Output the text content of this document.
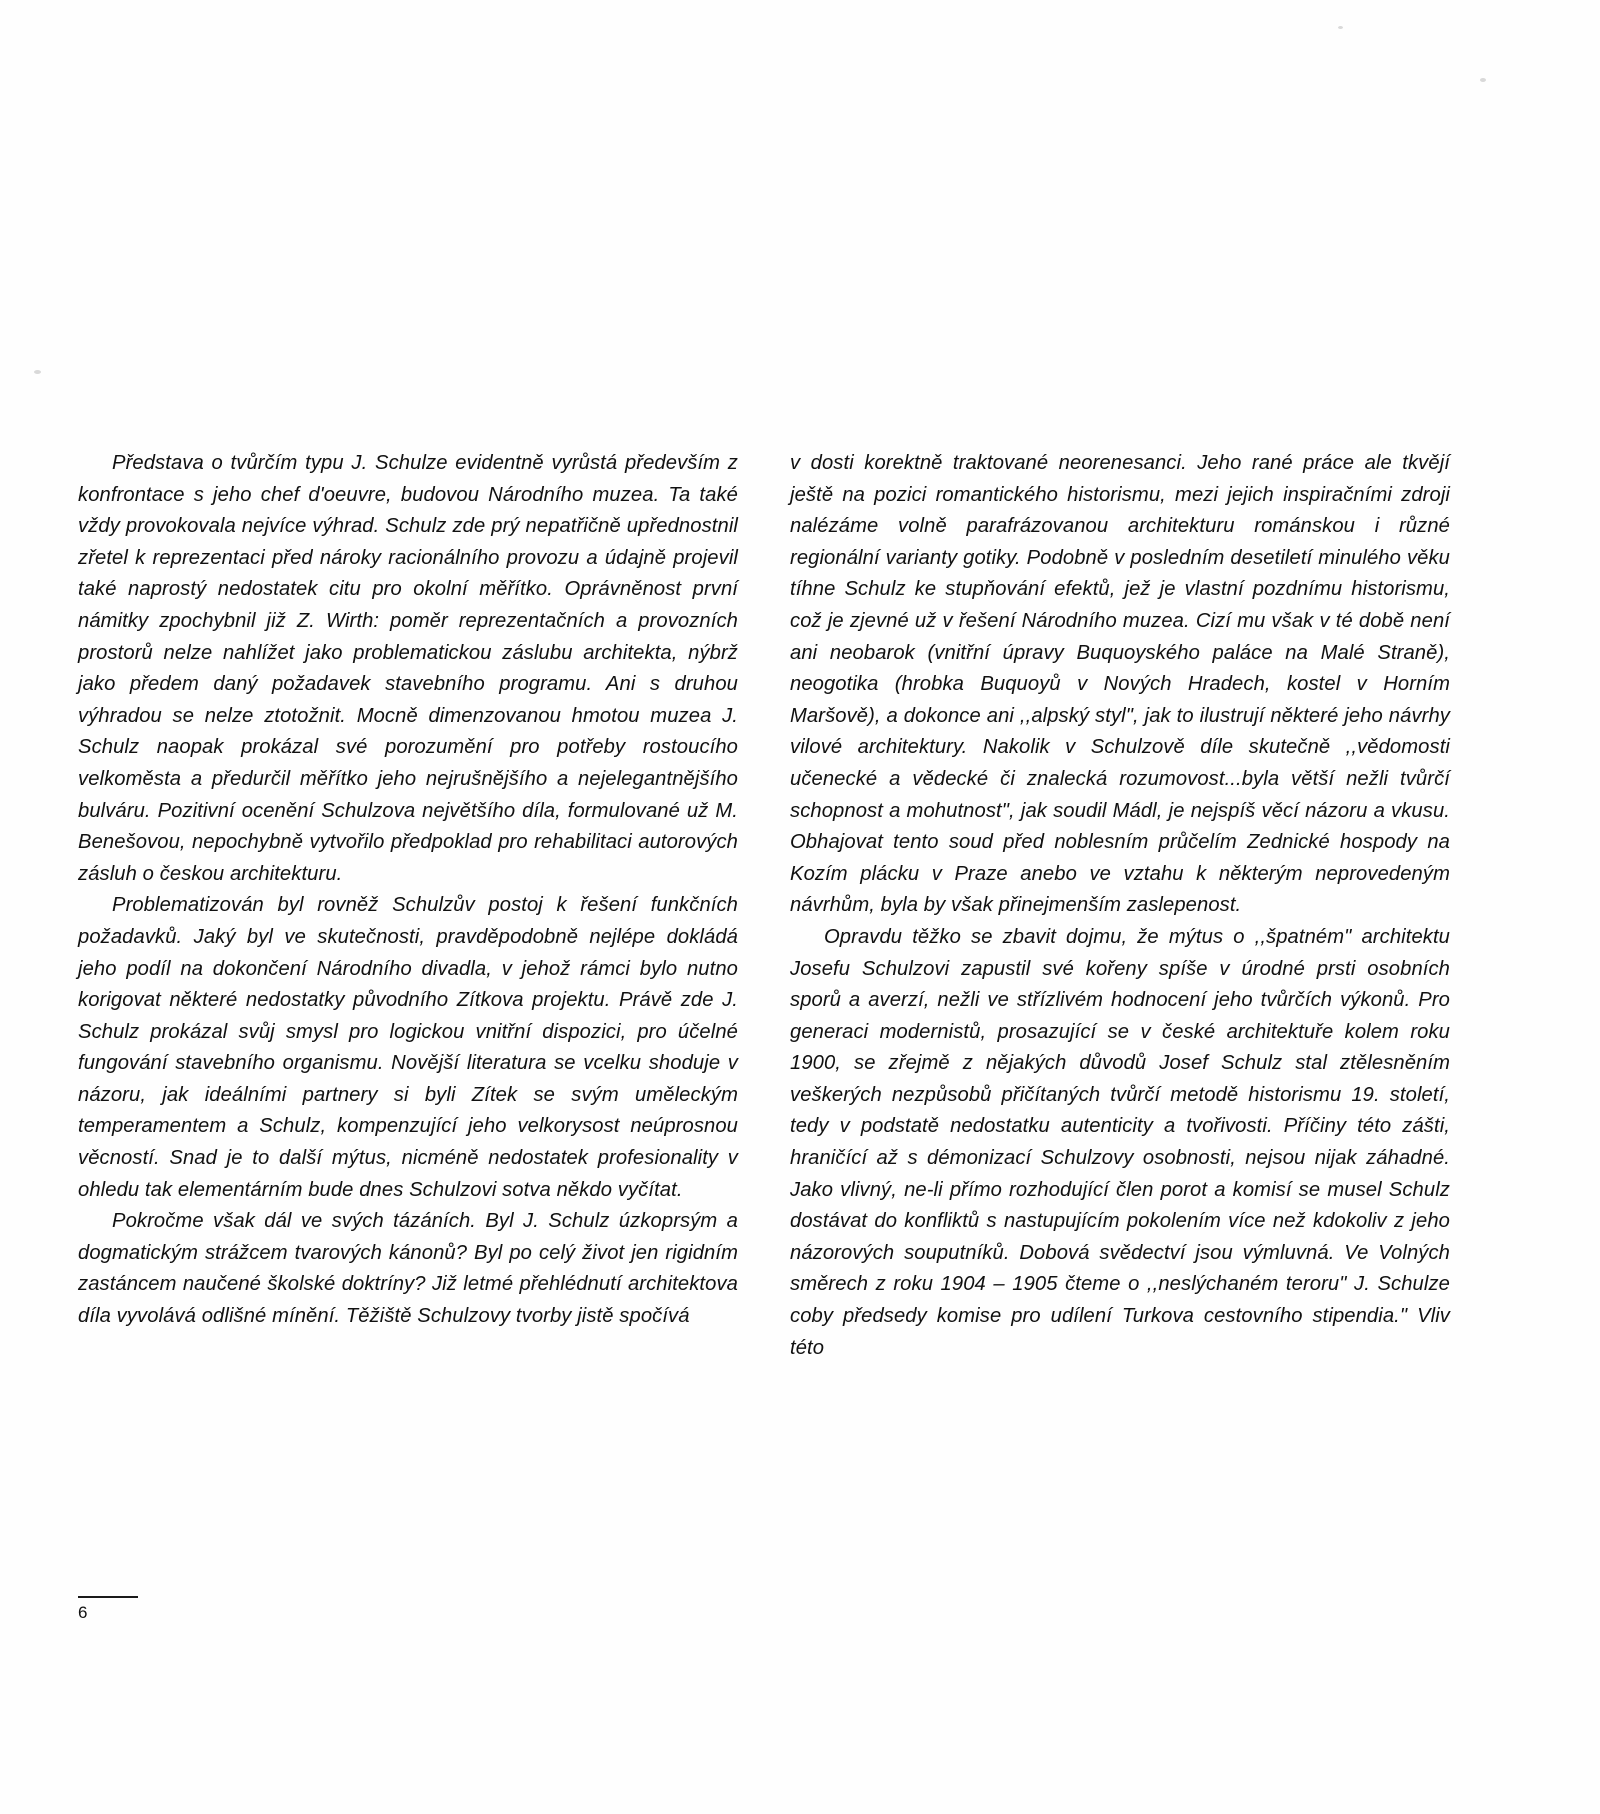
Představa o tvůrčím typu J. Schulze evidentně vyrůstá především z konfrontace s jeho chef d'oeuvre, budovou Národního muzea. Ta také vždy provokovala nejvíce výhrad. Schulz zde prý nepatřičně upřednostnil zřetel k reprezentaci před nároky racionálního provozu a údajně projevil také naprostý nedostatek citu pro okolní měřítko. Oprávněnost první námitky zpochybnil již Z. Wirth: poměr reprezentačních a provozních prostorů nelze nahlížet jako problematickou záslubu architekta, nýbrž jako předem daný požadavek stavebního programu. Ani s druhou výhradou se nelze ztotožnit. Mocně dimenzovanou hmotou muzea J. Schulz naopak prokázal své porozumění pro potřeby rostoucího velkoměsta a předurčil měřítko jeho nejrušnějšího a nejelegantnějšího bulváru. Pozitivní ocenění Schulzova největšího díla, formulované už M. Benešovou, nepochybně vytvořilo předpoklad pro rehabilitaci autorových zásluh o českou architekturu.

Problematizován byl rovněž Schulzův postoj k řešení funkčních požadavků. Jaký byl ve skutečnosti, pravděpodobně nejlépe dokládá jeho podíl na dokončení Národního divadla, v jehož rámci bylo nutno korigovat některé nedostatky původního Zítkova projektu. Právě zde J. Schulz prokázal svůj smysl pro logickou vnitřní dispozici, pro účelné fungování stavebního organismu. Novější literatura se vcelku shoduje v názoru, jak ideálními partnery si byli Zítek se svým uměleckým temperamentem a Schulz, kompenzující jeho velkorysost neúprosnou věcností. Snad je to další mýtus, nicméně nedostatek profesionality v ohledu tak elementárním bude dnes Schulzovi sotva někdo vyčítat.

Pokročme však dál ve svých tázáních. Byl J. Schulz úzkoprsým a dogmatickým strážcem tvarových kánonů? Byl po celý život jen rigidním zastáncem naučené školské doktríny? Již letmé přehlédnutí architektova díla vyvolává odlišné mínění. Těžiště Schulzovy tvorby jistě spočívá

v dosti korektně traktované neorenesanci. Jeho rané práce ale tkvějí ještě na pozici romantického historismu, mezi jejich inspiračními zdroji nalézáme volně parafrázovanou architekturu románskou i různé regionální varianty gotiky. Podobně v posledním desetiletí minulého věku tíhne Schulz ke stupňování efektů, jež je vlastní pozdnímu historismu, což je zjevné už v řešení Národního muzea. Cizí mu však v té době není ani neobarok (vnitřní úpravy Buquoyského paláce na Malé Straně), neogotika (hrobka Buquoyů v Nových Hradech, kostel v Horním Maršově), a dokonce ani ,,alpský styl", jak to ilustrují některé jeho návrhy vilové architektury. Nakolik v Schulzově díle skutečně ,,vědomosti učenecké a vědecké či znalecká rozumovost...byla větší nežli tvůrčí schopnost a mohutnost", jak soudil Mádl, je nejspíš věcí názoru a vkusu. Obhajovat tento soud před noblesním průčelím Zednické hospody na Kozím plácku v Praze anebo ve vztahu k některým neprovedeným návrhům, byla by však přinejmenším zaslepenost.

Opravdu těžko se zbavit dojmu, že mýtus o ,,špatném" architektu Josefu Schulzovi zapustil své kořeny spíše v úrodné prsti osobních sporů a averzí, nežli ve střízlivém hodnocení jeho tvůrčích výkonů. Pro generaci modernistů, prosazující se v české architektuře kolem roku 1900, se zřejmě z nějakých důvodů Josef Schulz stal ztělesněním veškerých nezpůsobů přičítaných tvůrčí metodě historismu 19. století, tedy v podstatě nedostatku autenticity a tvořivosti. Příčiny této zášti, hraničící až s démonizací Schulzovy osobnosti, nejsou nijak záhadné. Jako vlivný, ne-li přímo rozhodující člen porot a komisí se musel Schulz dostávat do konfliktů s nastupujícím pokolením více než kdokoliv z jeho názorových souputníků. Dobová svědectví jsou výmluvná. Ve Volných směrech z roku 1904 – 1905 čteme o ,,neslýchaném teroru" J. Schulze coby předsedy komise pro udílení Turkova cestovního stipendia." Vliv této

6
